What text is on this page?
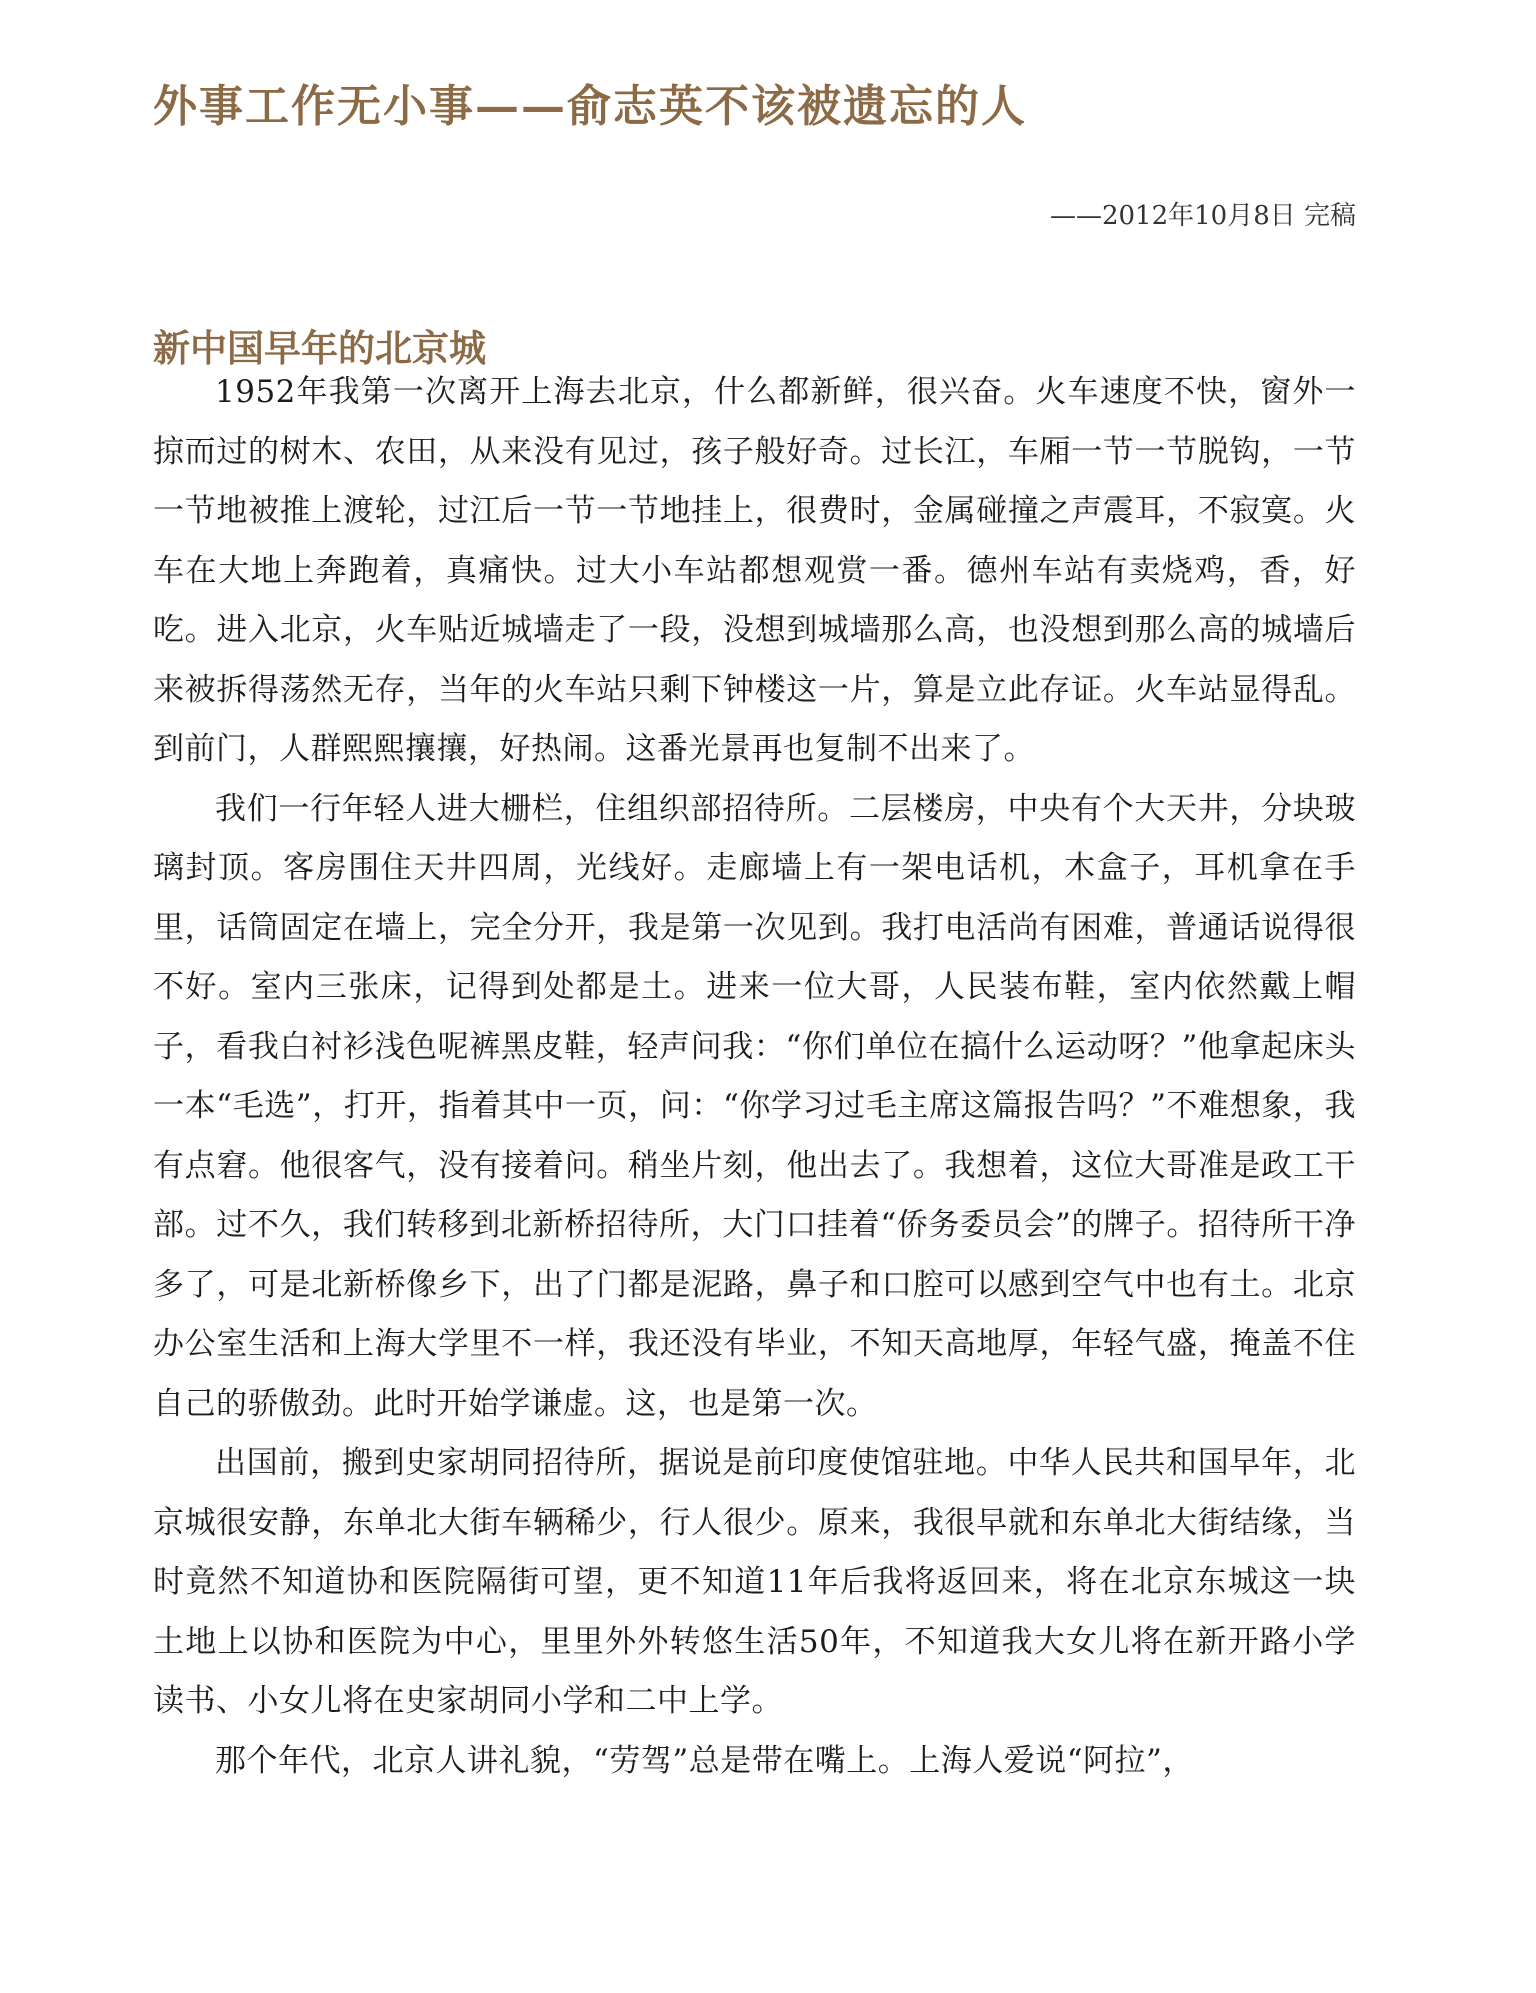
外事工作无小事——俞志英不该被遗忘的人

——2012年10月8日 完稿

新中国早年的北京城

1952年我第一次离开上海去北京，什么都新鲜，很兴奋。火车速度不快，窗外一掠而过的树木、农田，从来没有见过，孩子般好奇。过长江，车厢一节一节脱钩，一节一节地被推上渡轮，过江后一节一节地挂上，很费时，金属碰撞之声震耳，不寂寞。火车在大地上奔跑着，真痛快。过大小车站都想观赏一番。德州车站有卖烧鸡，香，好吃。进入北京，火车贴近城墙走了一段，没想到城墙那么高，也没想到那么高的城墙后来被拆得荡然无存，当年的火车站只剩下钟楼这一片，算是立此存证。火车站显得乱。到前门，人群熙熙攘攘，好热闹。这番光景再也复制不出来了。

我们一行年轻人进大栅栏，住组织部招待所。二层楼房，中央有个大天井，分块玻璃封顶。客房围住天井四周，光线好。走廊墙上有一架电话机，木盒子，耳机拿在手里，话筒固定在墙上，完全分开，我是第一次见到。我打电活尚有困难，普通话说得很不好。室内三张床，记得到处都是土。进来一位大哥，人民装布鞋，室内依然戴上帽子，看我白衬衫浅色呢裤黑皮鞋，轻声问我：“你们单位在搞什么运动呀？”他拿起床头一本“毛选”，打开，指着其中一页，问：“你学习过毛主席这篇报告吗？”不难想象，我有点窘。他很客气，没有接着问。稍坐片刻，他出去了。我想着，这位大哥准是政工干部。过不久，我们转移到北新桥招待所，大门口挂着“侨务委员会”的牌子。招待所干净多了，可是北新桥像乡下，出了门都是泥路，鼻子和口腔可以感到空气中也有土。北京办公室生活和上海大学里不一样，我还没有毕业，不知天高地厚，年轻气盛，掩盖不住自己的骄傲劲。此时开始学谦虚。这，也是第一次。

出国前，搬到史家胡同招待所，据说是前印度使馆驻地。中华人民共和国早年，北京城很安静，东单北大街车辆稀少，行人很少。原来，我很早就和东单北大街结缘，当时竟然不知道协和医院隔街可望，更不知道11年后我将返回来，将在北京东城这一块土地上以协和医院为中心，里里外外转悠生活50年，不知道我大女儿将在新开路小学读书、小女儿将在史家胡同小学和二中上学。

那个年代，北京人讲礼貌，“劳驾”总是带在嘴上。上海人爱说“阿拉”，
